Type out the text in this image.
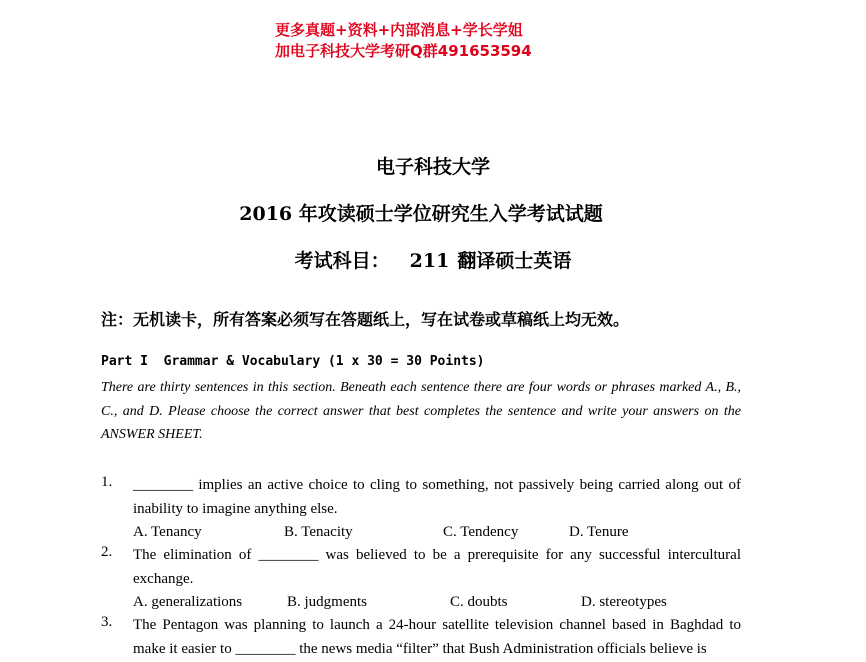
更多真题+资料+内部消息+学长学姐
加电子科技大学考研Q群491653594
电子科技大学
2016 年攻读硕士学位研究生入学考试试题
考试科目： 211 翻译硕士英语
注：无机读卡，所有答案必须写在答题纸上，写在试卷或草稿纸上均无效。
Part I  Grammar & Vocabulary (1 x 30 = 30 Points)
There are thirty sentences in this section. Beneath each sentence there are four words or phrases marked A., B., C., and D. Please choose the correct answer that best completes the sentence and write your answers on the ANSWER SHEET.
1.	________ implies an active choice to cling to something, not passively being carried along out of inability to imagine anything else.
A. Tenancy	B. Tenacity	C. Tendency	D. Tenure
2.	The elimination of ________ was believed to be a prerequisite for any successful intercultural exchange.
A. generalizations	B. judgments	C. doubts	D. stereotypes
3.	The Pentagon was planning to launch a 24-hour satellite television channel based in Baghdad to make it easier to ________ the news media “filter” that Bush Administration officials believe is
